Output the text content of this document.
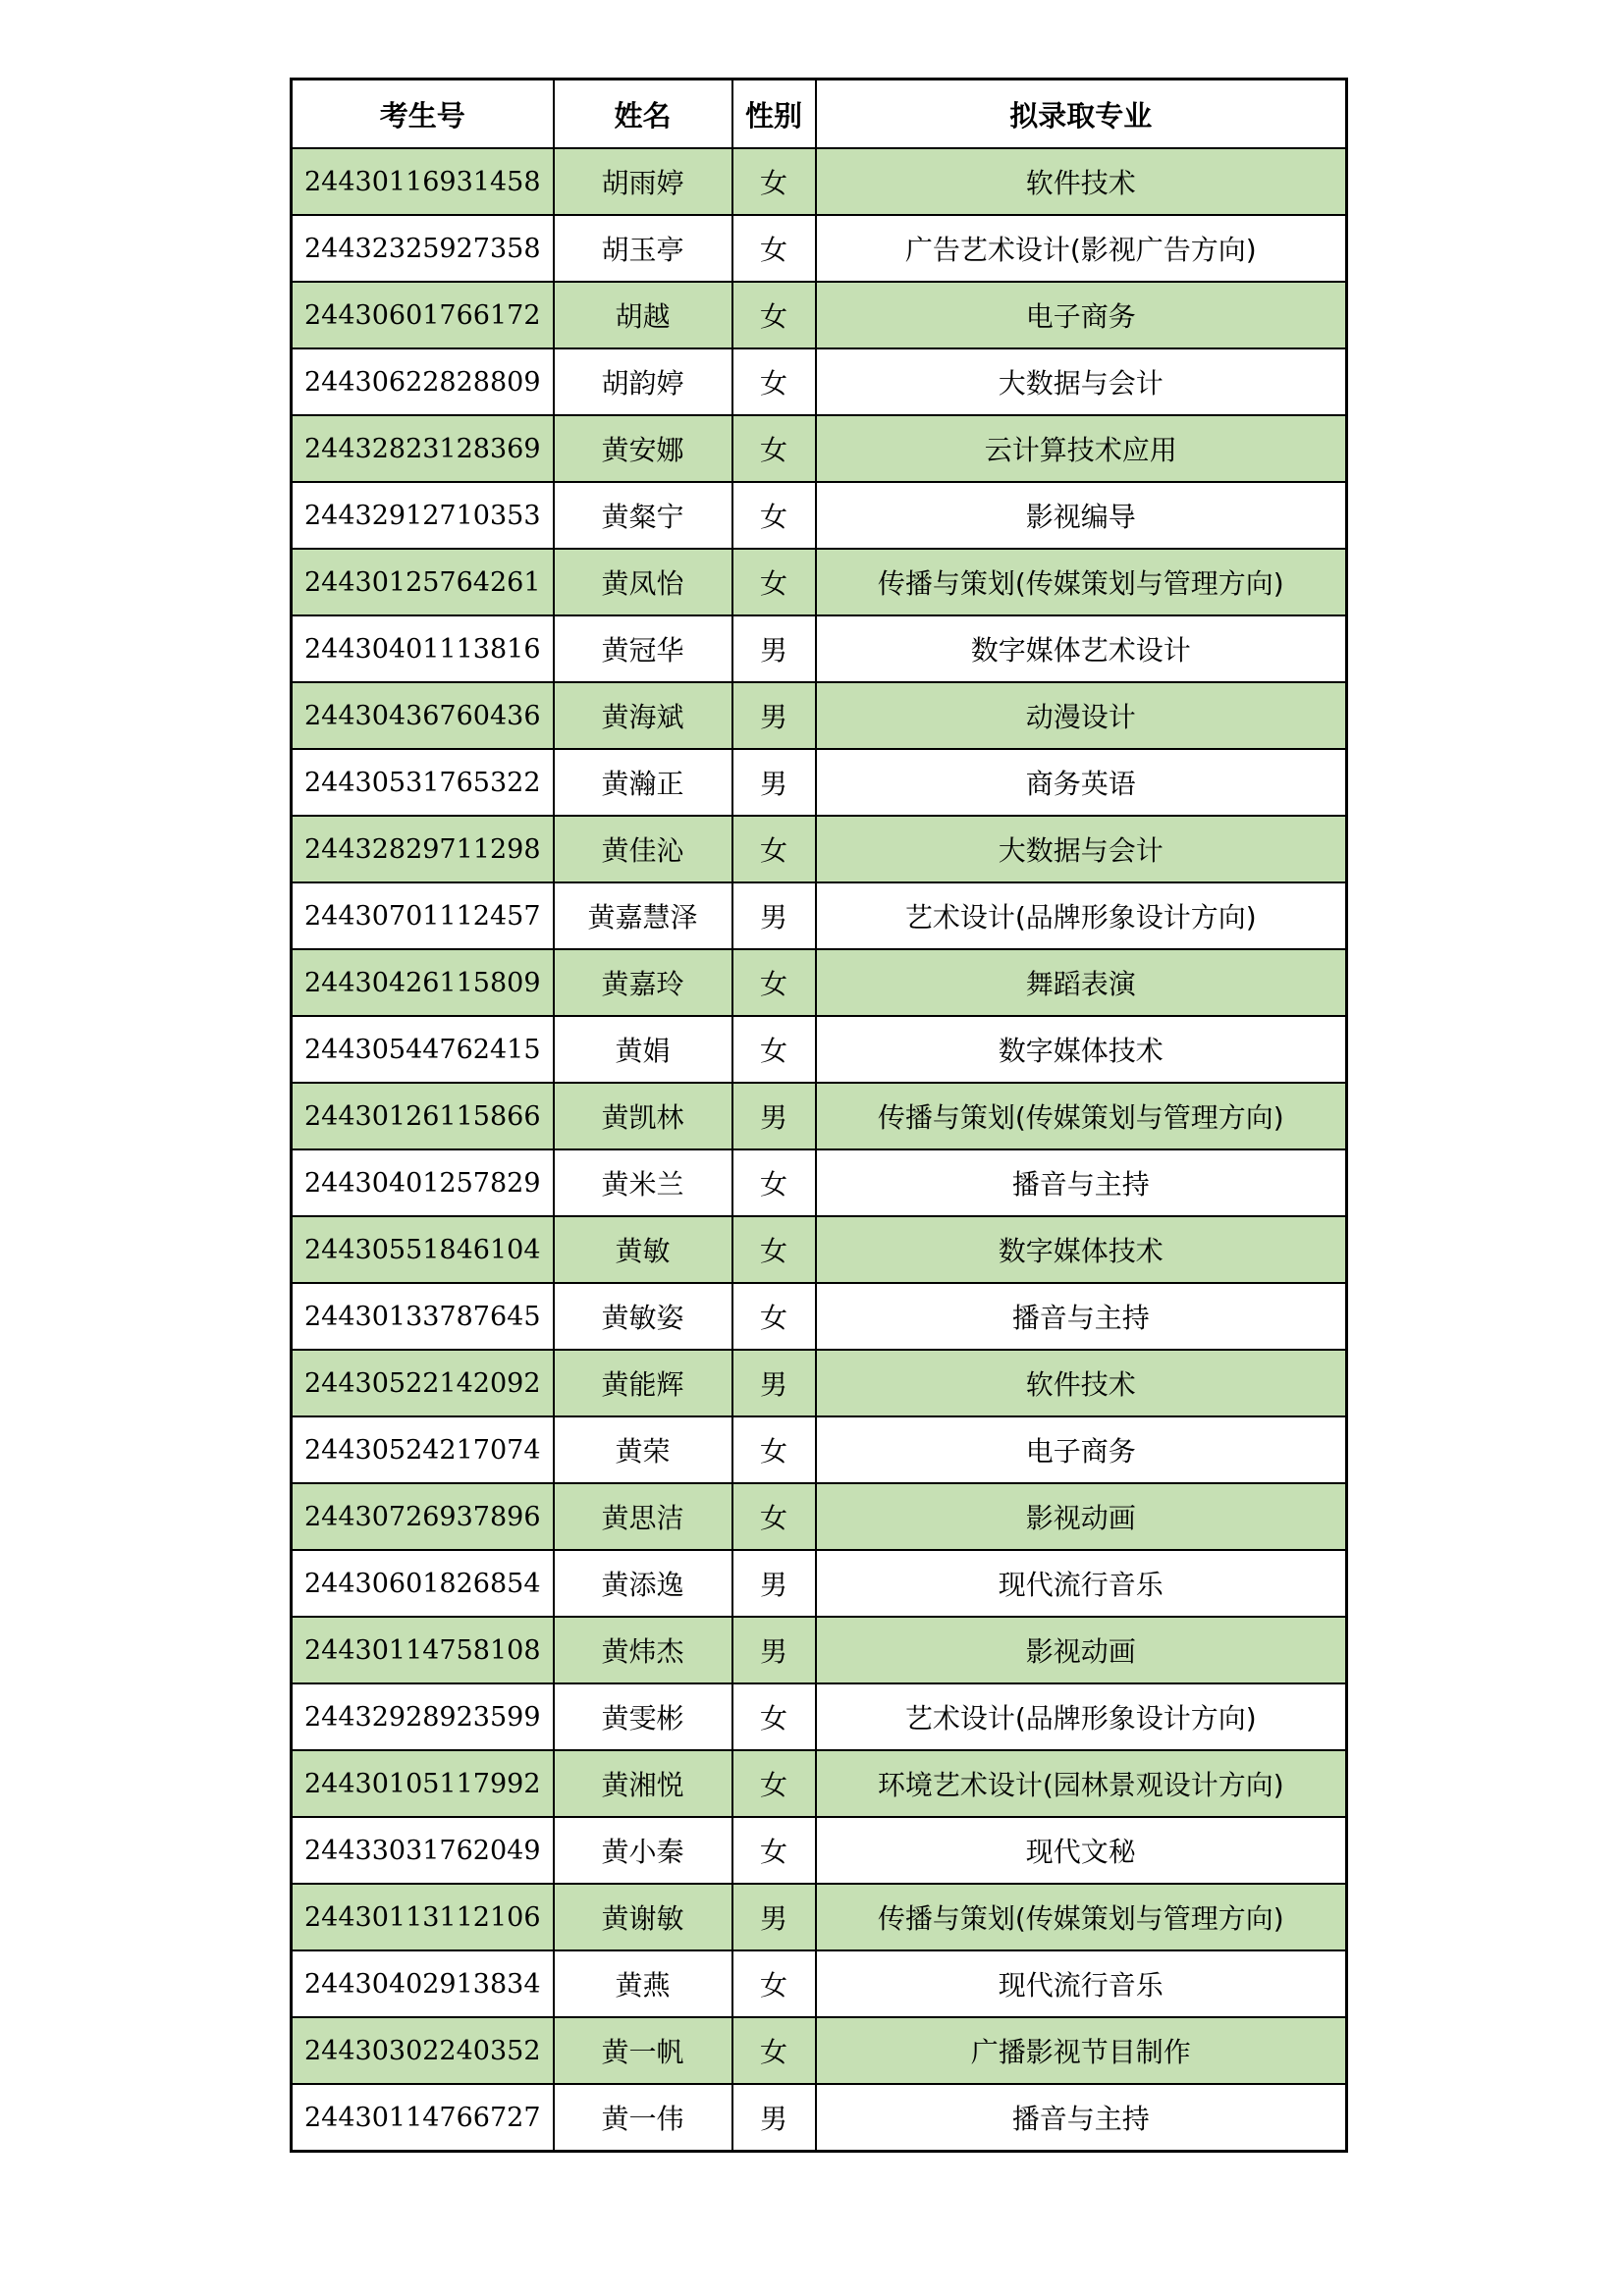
考生号	姓名	性别	拟录取专业
24430116931458	胡雨婷	女	软件技术
24432325927358	胡玉亭	女	广告艺术设计(影视广告方向)
24430601766172	胡越	女	电子商务
24430622828809	胡韵婷	女	大数据与会计
24432823128369	黄安娜	女	云计算技术应用
24432912710353	黄粲宁	女	影视编导
24430125764261	黄凤怡	女	传播与策划(传媒策划与管理方向)
24430401113816	黄冠华	男	数字媒体艺术设计
24430436760436	黄海斌	男	动漫设计
24430531765322	黄瀚正	男	商务英语
24432829711298	黄佳沁	女	大数据与会计
24430701112457	黄嘉慧泽	男	艺术设计(品牌形象设计方向)
24430426115809	黄嘉玲	女	舞蹈表演
24430544762415	黄娟	女	数字媒体技术
24430126115866	黄凯林	男	传播与策划(传媒策划与管理方向)
24430401257829	黄米兰	女	播音与主持
24430551846104	黄敏	女	数字媒体技术
24430133787645	黄敏姿	女	播音与主持
24430522142092	黄能辉	男	软件技术
24430524217074	黄荣	女	电子商务
24430726937896	黄思洁	女	影视动画
24430601826854	黄添逸	男	现代流行音乐
24430114758108	黄炜杰	男	影视动画
24432928923599	黄雯彬	女	艺术设计(品牌形象设计方向)
24430105117992	黄湘悦	女	环境艺术设计(园林景观设计方向)
24433031762049	黄小秦	女	现代文秘
24430113112106	黄谢敏	男	传播与策划(传媒策划与管理方向)
24430402913834	黄燕	女	现代流行音乐
24430302240352	黄一帆	女	广播影视节目制作
24430114766727	黄一伟	男	播音与主持
